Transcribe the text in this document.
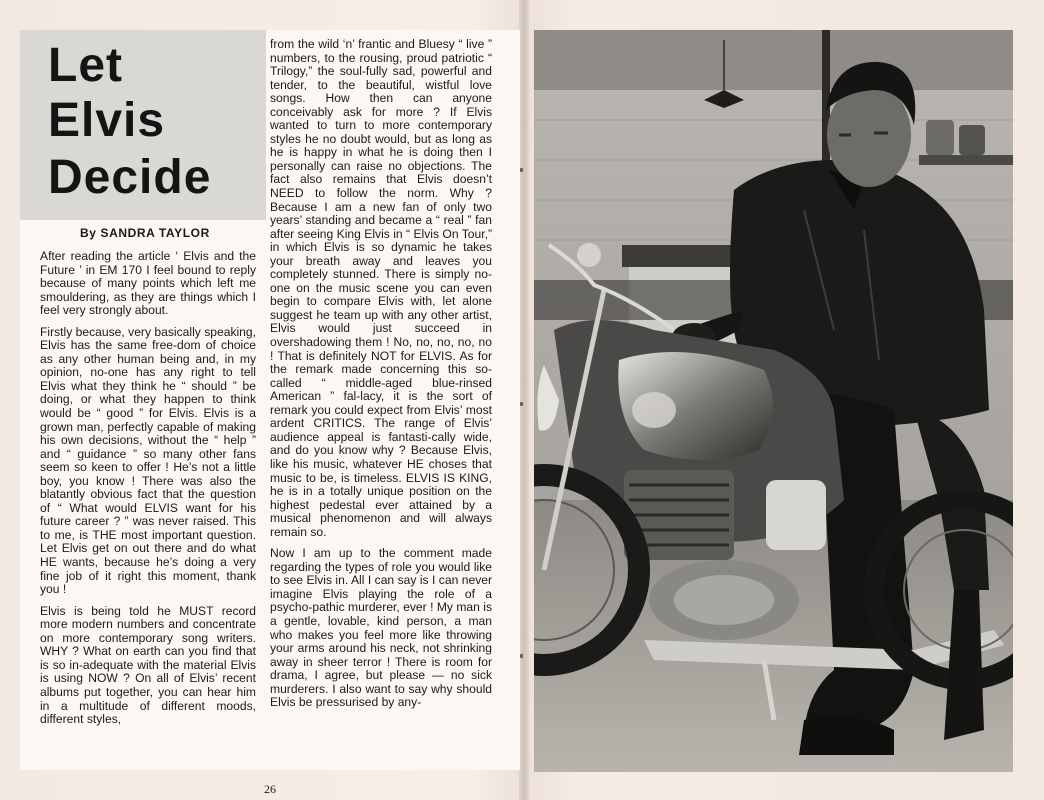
Let
Elvis
Decide
By SANDRA TAYLOR

After reading the article ‘ Elvis and the Future ’ in EM 170 I feel bound to reply because of many points which left me smouldering, as they are things which I feel very strongly about.

Firstly because, very basically speaking, Elvis has the same free-dom of choice as any other human being and, in my opinion, no-one has any right to tell Elvis what they think he “ should ” be doing, or what they happen to think would be “ good ” for Elvis. Elvis is a grown man, perfectly capable of making his own decisions, without the “ help ” and “ guidance ” so many other fans seem so keen to offer ! He’s not a little boy, you know ! There was also the blatantly obvious fact that the question of “ What would ELVIS want for his future career ? ” was never raised. This to me, is THE most important question. Let Elvis get on out there and do what HE wants, because he’s doing a very fine job of it right this moment, thank you !

Elvis is being told he MUST record more modern numbers and concentrate on more contemporary song writers. WHY ? What on earth can you find that is so in-adequate with the material Elvis is using NOW ? On all of Elvis’ recent albums put together, you can hear him in a multitude of different moods, different styles,

from the wild ‘n’ frantic and Bluesy “ live ” numbers, to the rousing, proud patriotic “ Trilogy,” the soul-fully sad, powerful and tender, to the beautiful, wistful love songs. How then can anyone conceivably ask for more ? If Elvis wanted to turn to more contemporary styles he no doubt would, but as long as he is happy in what he is doing then I personally can raise no objections. The fact also remains that Elvis doesn’t NEED to follow the norm. Why ? Because I am a new fan of only two years’ standing and became a “ real ” fan after seeing King Elvis in “ Elvis On Tour,” in which Elvis is so dynamic he takes your breath away and leaves you completely stunned. There is simply no-one on the music scene you can even begin to compare Elvis with, let alone suggest he team up with any other artist, Elvis would just succeed in overshadowing them ! No, no, no, no, no ! That is definitely NOT for ELVIS. As for the remark made concerning this so-called “ middle-aged blue-rinsed American ” fal-lacy, it is the sort of remark you could expect from Elvis’ most ardent CRITICS. The range of Elvis’ audience appeal is fantasti-cally wide, and do you know why ? Because Elvis, like his music, whatever HE choses that music to be, is timeless. ELVIS IS KING, he is in a totally unique position on the highest pedestal ever attained by a musical phenomenon and will always remain so.

Now I am up to the comment made regarding the types of role you would like to see Elvis in. All I can say is I can never imagine Elvis playing the role of a psycho-pathic murderer, ever ! My man is a gentle, lovable, kind person, a man who makes you feel more like throwing your arms around his neck, not shrinking away in sheer terror ! There is room for drama, I agree, but please — no sick murderers. I also want to say why should Elvis be pressurised by any-

26
